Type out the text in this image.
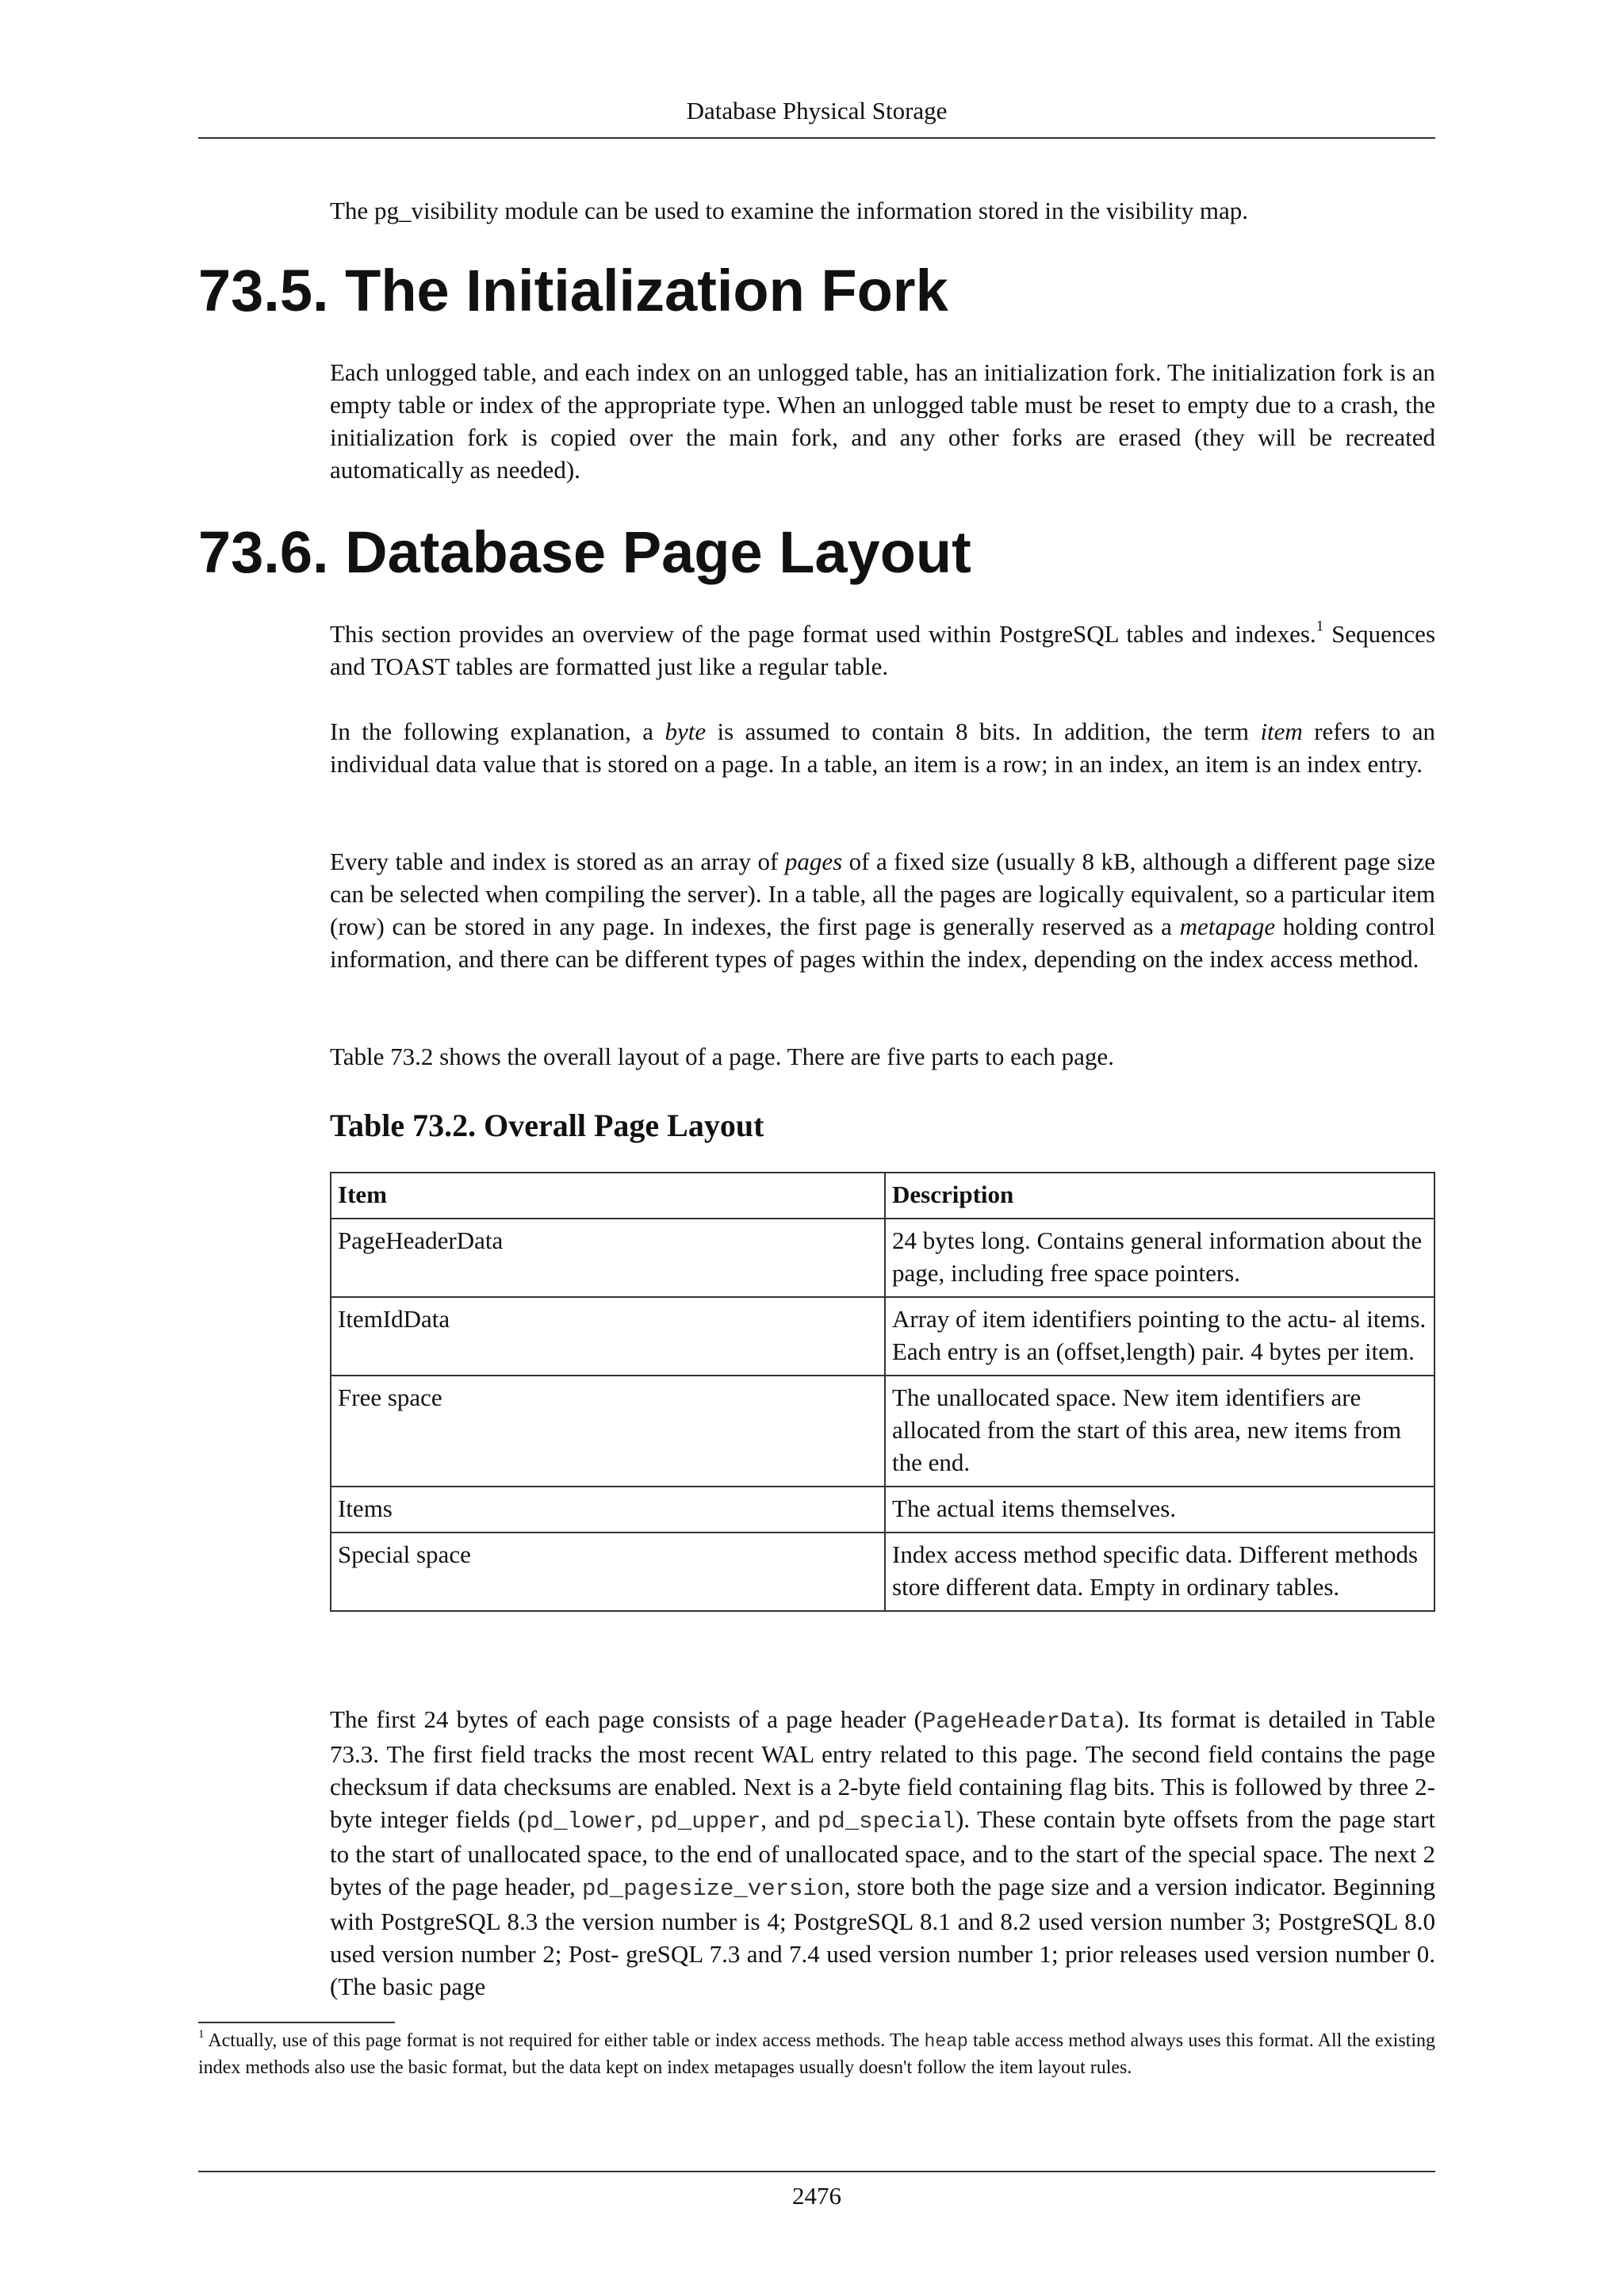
Database Physical Storage

The pg_visibility module can be used to examine the information stored in the visibility map.

73.5. The Initialization Fork

Each unlogged table, and each index on an unlogged table, has an initialization fork. The initialization fork is an empty table or index of the appropriate type. When an unlogged table must be reset to empty due to a crash, the initialization fork is copied over the main fork, and any other forks are erased (they will be recreated automatically as needed).

73.6. Database Page Layout

This section provides an overview of the page format used within PostgreSQL tables and indexes.$^1$ Sequences and TOAST tables are formatted just like a regular table.

In the following explanation, a byte is assumed to contain 8 bits. In addition, the term item refers to an individual data value that is stored on a page. In a table, an item is a row; in an index, an item is an index entry.

Every table and index is stored as an array of pages of a fixed size (usually 8 kB, although a different page size can be selected when compiling the server). In a table, all the pages are logically equivalent, so a particular item (row) can be stored in any page. In indexes, the first page is generally reserved as a metapage holding control information, and there can be different types of pages within the index, depending on the index access method.

Table 73.2 shows the overall layout of a page. There are five parts to each page.

Table 73.2. Overall Page Layout
Item	Description
PageHeaderData	24 bytes long. Contains general information about the page, including free space pointers.
ItemIdData	Array of item identifiers pointing to the actu- al items. Each entry is an (offset,length) pair. 4 bytes per item.
Free space	The unallocated space. New item identifiers are allocated from the start of this area, new items from the end.
Items	The actual items themselves.
Special space	Index access method specific data. Different methods store different data. Empty in ordinary tables.

The first 24 bytes of each page consists of a page header (PageHeaderData). Its format is detailed in Table 73.3. The first field tracks the most recent WAL entry related to this page. The second field contains the page checksum if data checksums are enabled. Next is a 2-byte field containing flag bits. This is followed by three 2-byte integer fields (pd_lower, pd_upper, and pd_special). These contain byte offsets from the page start to the start of unallocated space, to the end of unallocated space, and to the start of the special space. The next 2 bytes of the page header, pd_pagesize_version, store both the page size and a version indicator. Beginning with PostgreSQL 8.3 the version number is 4; PostgreSQL 8.1 and 8.2 used version number 3; PostgreSQL 8.0 used version number 2; Post- greSQL 7.3 and 7.4 used version number 1; prior releases used version number 0. (The basic page

$^1$ Actually, use of this page format is not required for either table or index access methods. The heap table access method always uses this format. All the existing index methods also use the basic format, but the data kept on index metapages usually doesn't follow the item layout rules.

2476
